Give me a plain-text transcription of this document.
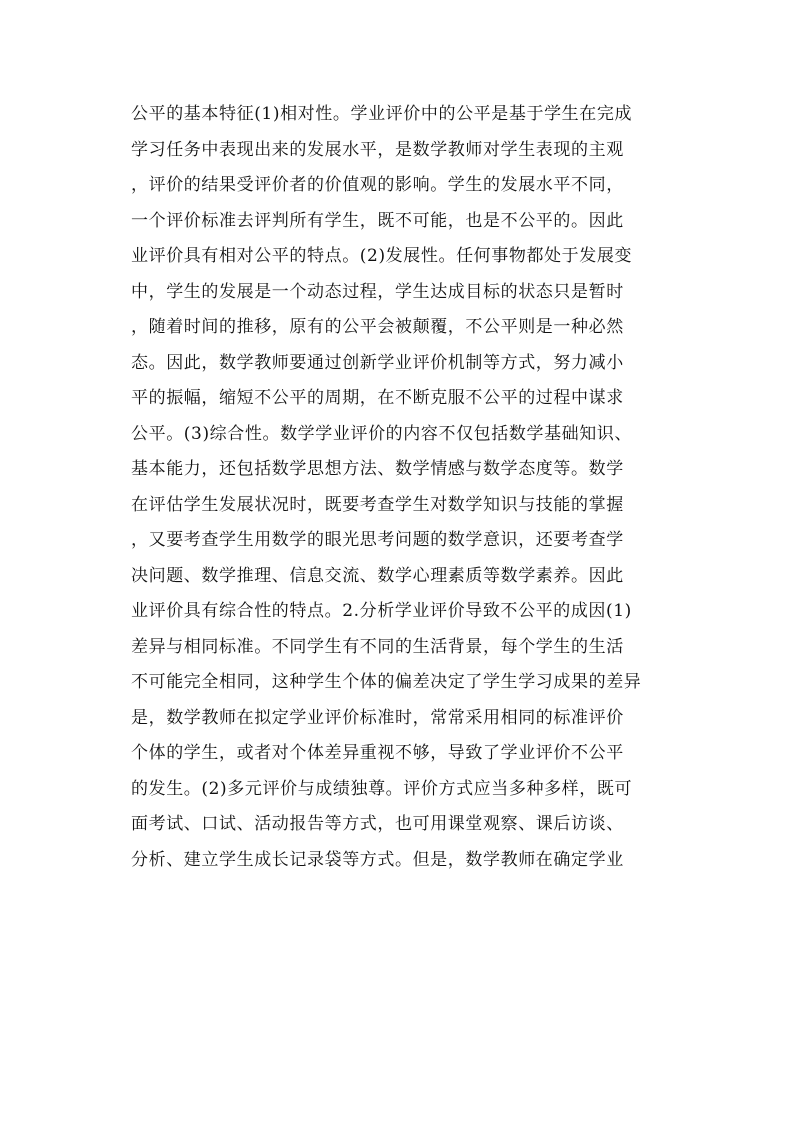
公平的基本特征(1)相对性。学业评价中的公平是基于学生在完成
学习任务中表现出来的发展水平，是数学教师对学生表现的主观
，评价的结果受评价者的价值观的影响。学生的发展水平不同，
一个评价标准去评判所有学生，既不可能，也是不公平的。因此
业评价具有相对公平的特点。(2)发展性。任何事物都处于发展变
中，学生的发展是一个动态过程，学生达成目标的状态只是暂时
，随着时间的推移，原有的公平会被颠覆，不公平则是一种必然
态。因此，数学教师要通过创新学业评价机制等方式，努力减小
平的振幅，缩短不公平的周期，在不断克服不公平的过程中谋求
公平。(3)综合性。数学学业评价的内容不仅包括数学基础知识、
基本能力，还包括数学思想方法、数学情感与数学态度等。数学
在评估学生发展状况时，既要考查学生对数学知识与技能的掌握
，又要考查学生用数学的眼光思考问题的数学意识，还要考查学
决问题、数学推理、信息交流、数学心理素质等数学素养。因此
业评价具有综合性的特点。2.分析学业评价导致不公平的成因(1)
差异与相同标准。不同学生有不同的生活背景，每个学生的生活
不可能完全相同，这种学生个体的偏差决定了学生学习成果的差异
是，数学教师在拟定学业评价标准时，常常采用相同的标准评价
个体的学生，或者对个体差异重视不够，导致了学业评价不公平
的发生。(2)多元评价与成绩独尊。评价方式应当多种多样，既可
面考试、口试、活动报告等方式，也可用课堂观察、课后访谈、
分析、建立学生成长记录袋等方式。但是，数学教师在确定学业
